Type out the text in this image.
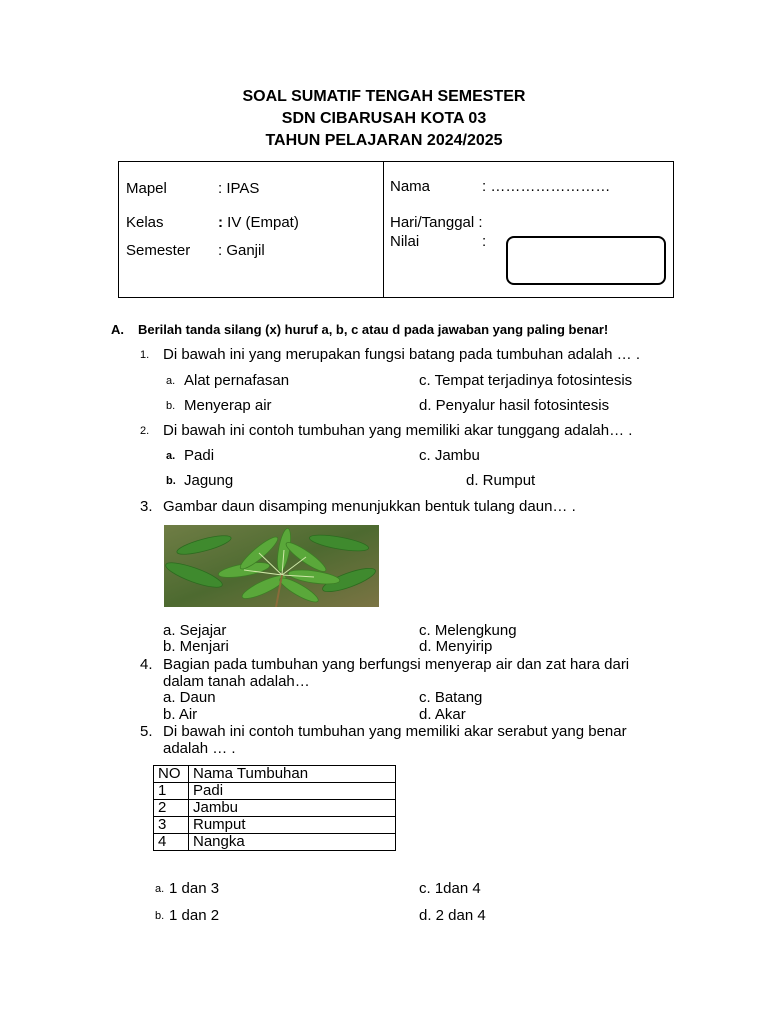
SOAL SUMATIF TENGAH SEMESTER
SDN CIBARUSAH KOTA 03
TAHUN PELAJARAN 2024/2025
Mapel	: IPAS
Kelas	: IV (Empat)
Semester : Ganjil
Nama	: ……………………
Hari/Tanggal :
Nilai	:
A. Berilah tanda silang (x) huruf a, b, c atau d pada jawaban yang paling benar!
1. Di bawah ini yang merupakan fungsi batang pada tumbuhan adalah … .
a. Alat pernafasan	c. Tempat terjadinya fotosintesis
b. Menyerap air	d. Penyalur hasil fotosintesis
2. Di bawah ini contoh tumbuhan yang memiliki akar tunggang adalah… .
a. Padi	c. Jambu
b. Jagung	d. Rumput
3. Gambar daun disamping menunjukkan bentuk tulang daun… .
a. Sejajar	c. Melengkung
b. Menjari	d. Menyirip
4. Bagian pada tumbuhan yang berfungsi menyerap air dan zat hara dari
dalam tanah adalah…
a. Daun	c. Batang
b. Air	d. Akar
5. Di bawah ini contoh tumbuhan yang memiliki akar serabut yang benar
adalah … .
NO	Nama Tumbuhan
1	Padi
2	Jambu
3	Rumput
4	Nangka
a. 1 dan 3	c. 1dan 4
b. 1 dan 2	d. 2 dan 4
